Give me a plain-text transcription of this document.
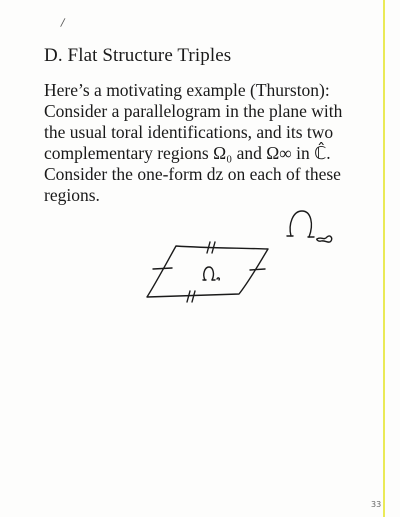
/
D. Flat Structure Triples
Here’s a motivating example (Thurston):
Consider a parallelogram in the plane with
the usual toral identifications, and its two
complementary regions Ω₀ and Ω∞ in ℂ̂.
Consider the one-form dz on each of these
regions.
33
